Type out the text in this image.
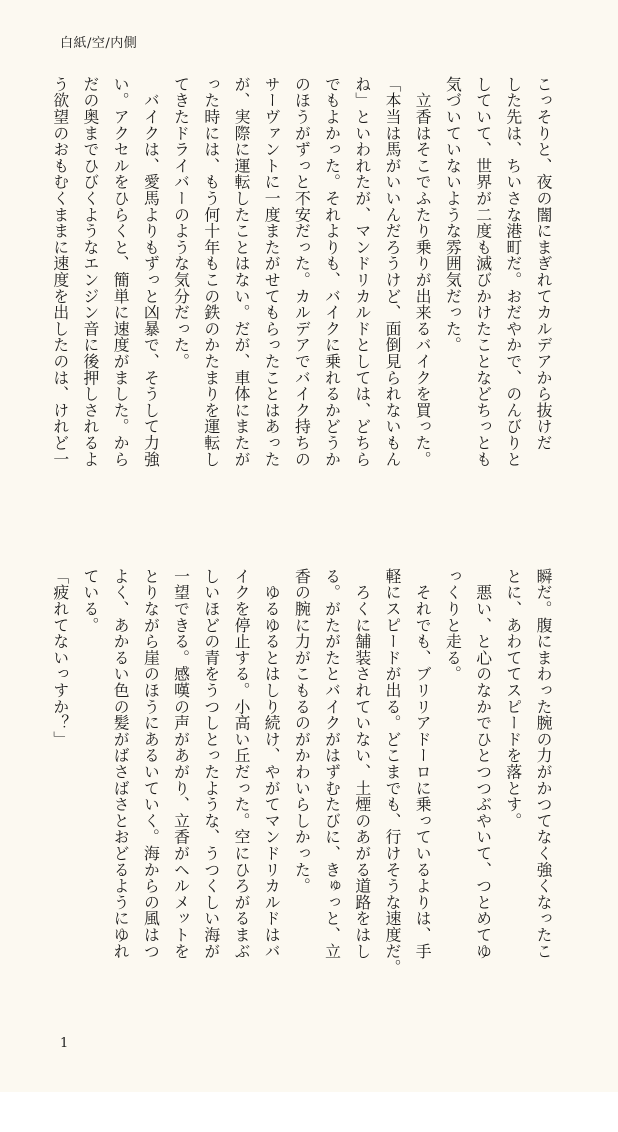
白紙/空/内側

こっそりと、夜の闇にまぎれてカルデアから抜けだ

した先は、ちいさな港町だ。おだやかで、のんびりと

していて、世界が二度も滅びかけたことなどちっとも

気づいていないような雰囲気だった。

　立香はそこでふたり乗りが出来るバイクを買った。

「本当は馬がいいんだろうけど、面倒見られないもん

ね」といわれたが、マンドリカルドとしては、どちら

でもよかった。それよりも、バイクに乗れるかどうか

のほうがずっと不安だった。カルデアでバイク持ちの

サーヴァントに一度またがせてもらったことはあった

が、実際に運転したことはない。だが、車体にまたが

った時には、もう何十年もこの鉄のかたまりを運転し

てきたドライバーのような気分だった。

　バイクは、愛馬よりもずっと凶暴で、そうして力強

い。アクセルをひらくと、簡単に速度がました。から

だの奥までひびくようなエンジン音に後押しされるよ

う欲望のおもむくままに速度を出したのは、けれど一

瞬だ。腹にまわった腕の力がかつてなく強くなったこ

とに、あわててスピードを落とす。

　悪い、と心のなかでひとつつぶやいて、つとめてゆ

っくりと走る。

　それでも、ブリリアドーロに乗っているよりは、手

軽にスピードが出る。どこまでも、行けそうな速度だ。

　ろくに舗装されていない、土煙のあがる道路をはし

る。がたがたとバイクがはずむたびに、きゅっと、立

香の腕に力がこもるのがかわいらしかった。

　ゆるゆるとはしり続け、やがてマンドリカルドはバ

イクを停止する。小高い丘だった。空にひろがるまぶ

しいほどの青をうつしとったような、うつくしい海が

一望できる。感嘆の声があがり、立香がヘルメットを

とりながら崖のほうにあるいていく。海からの風はつ

よく、あかるい色の髪がばさばさとおどるようにゆれ

ている。

「疲れてないっすか？」

1
